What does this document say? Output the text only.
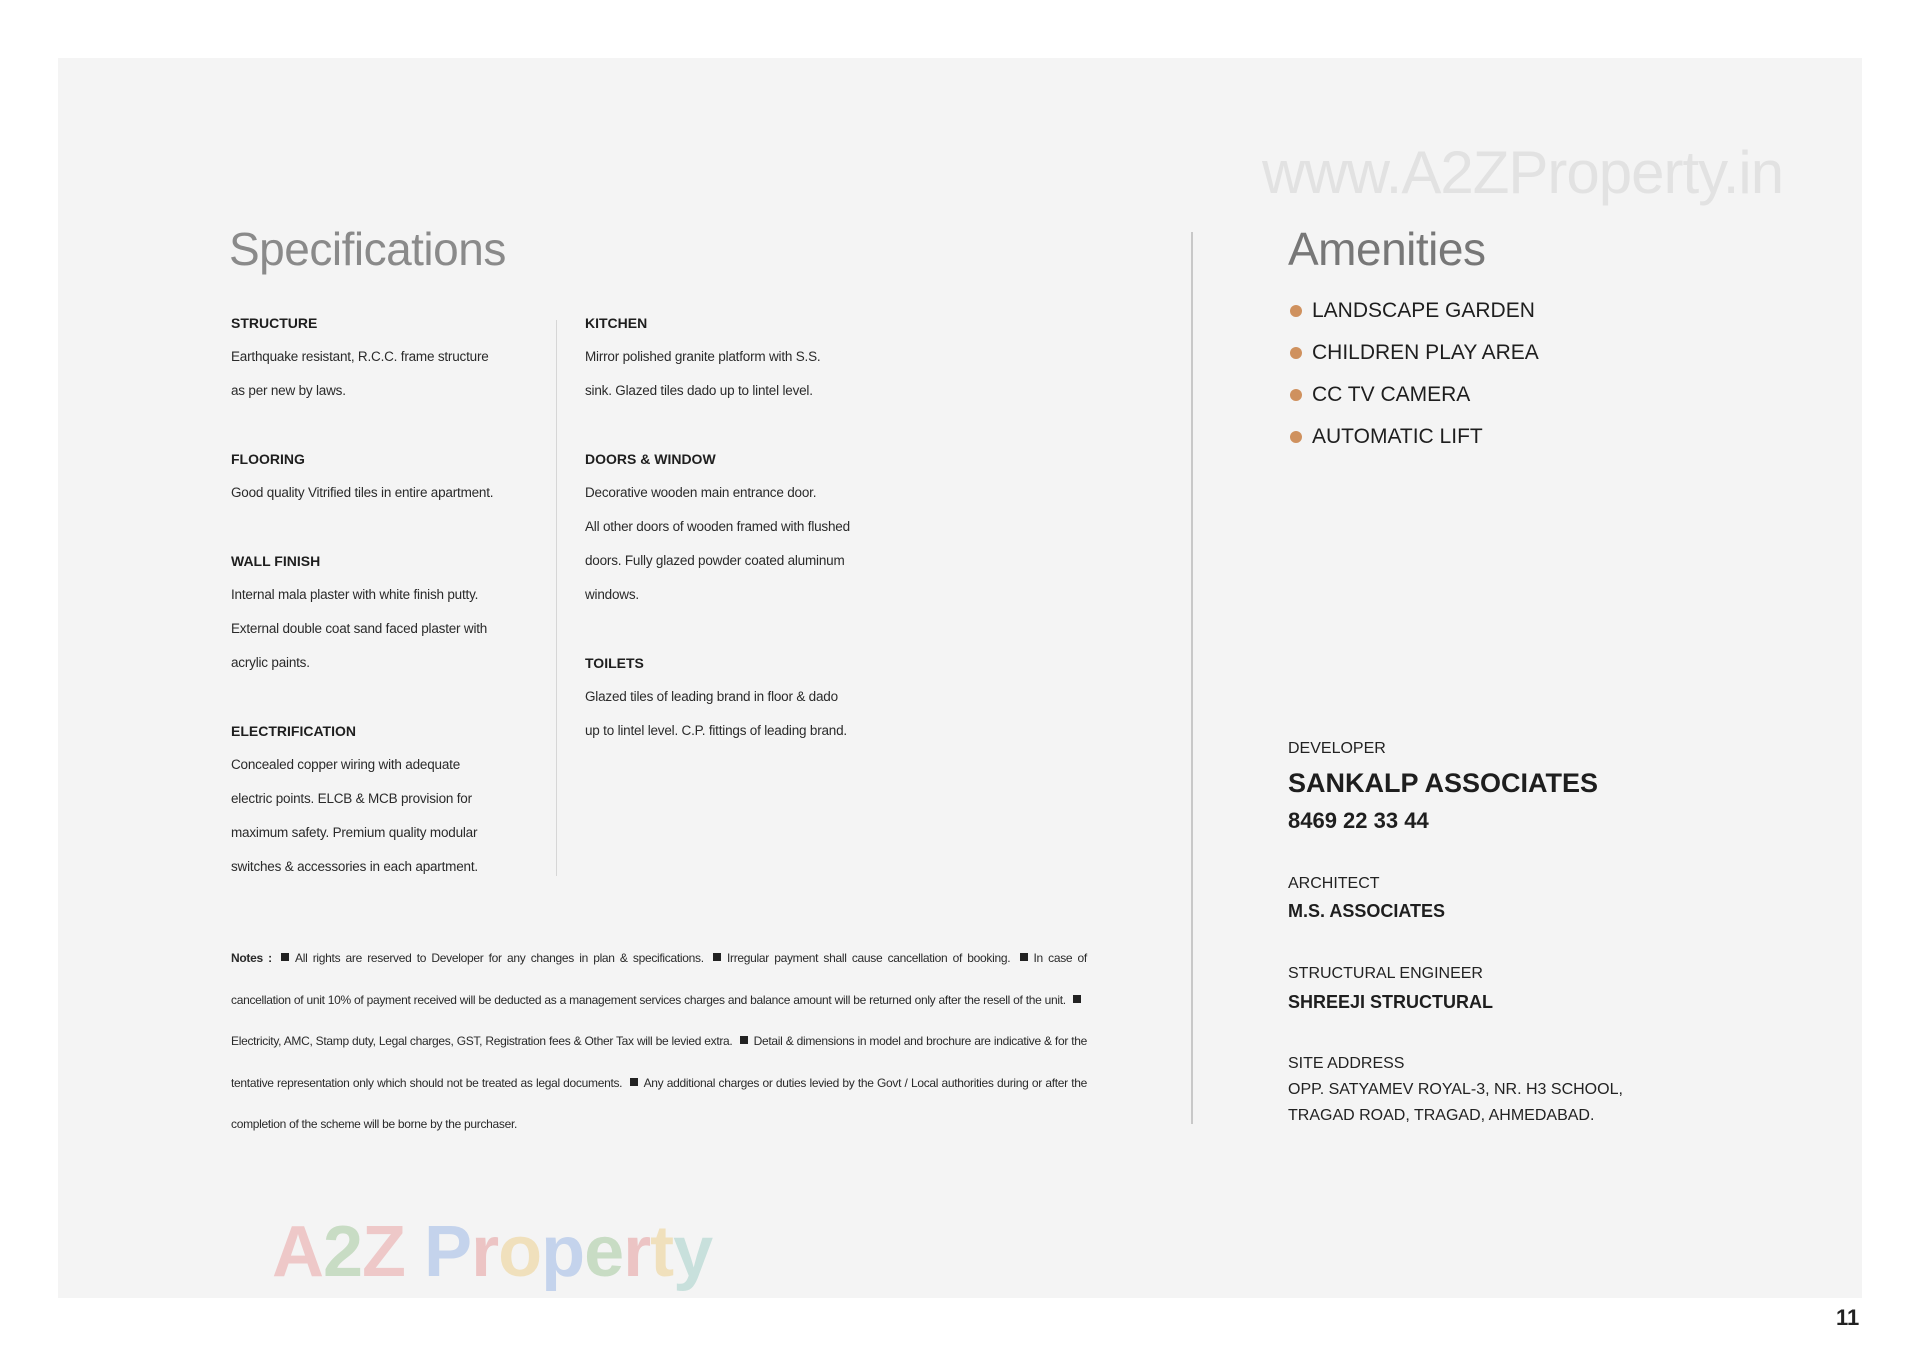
www.A2ZProperty.in
Specifications
STRUCTURE

Earthquake resistant, R.C.C. frame structure

as per new by laws.

FLOORING

Good quality Vitrified tiles in entire apartment.

WALL FINISH

Internal mala plaster with white finish putty.

External double coat sand faced plaster with

acrylic paints.

ELECTRIFICATION

Concealed copper wiring with adequate

electric points. ELCB & MCB provision for

maximum safety. Premium quality modular

switches & accessories in each apartment.

KITCHEN

Mirror polished granite platform with S.S.

sink. Glazed tiles dado up to lintel level.

DOORS & WINDOW

Decorative wooden main entrance door.

All other doors of wooden framed with flushed

doors. Fully glazed powder coated aluminum

windows.

TOILETS

Glazed tiles of leading brand in floor & dado

up to lintel level. C.P. fittings of leading brand.

Notes : All rights are reserved to Developer for any changes in plan & specifications. Irregular payment shall cause cancellation of booking. In case of cancellation of unit 10% of payment received will be deducted as a management services charges and balance amount will be returned only after the resell of the unit. Electricity, AMC, Stamp duty, Legal charges, GST, Registration fees & Other Tax will be levied extra. Detail & dimensions in model and brochure are indicative & for the tentative representation only which should not be treated as legal documents. Any additional charges or duties levied by the Govt / Local authorities during or after the completion of the scheme will be borne by the purchaser.
A2Z Property
Amenities
LANDSCAPE GARDEN
CHILDREN PLAY AREA
CC TV CAMERA
AUTOMATIC LIFT
DEVELOPER
SANKALP ASSOCIATES
8469 22 33 44
ARCHITECT
M.S. ASSOCIATES
STRUCTURAL ENGINEER
SHREEJI STRUCTURAL
SITE ADDRESS
OPP. SATYAMEV ROYAL-3, NR. H3 SCHOOL,
TRAGAD ROAD, TRAGAD, AHMEDABAD.
11
